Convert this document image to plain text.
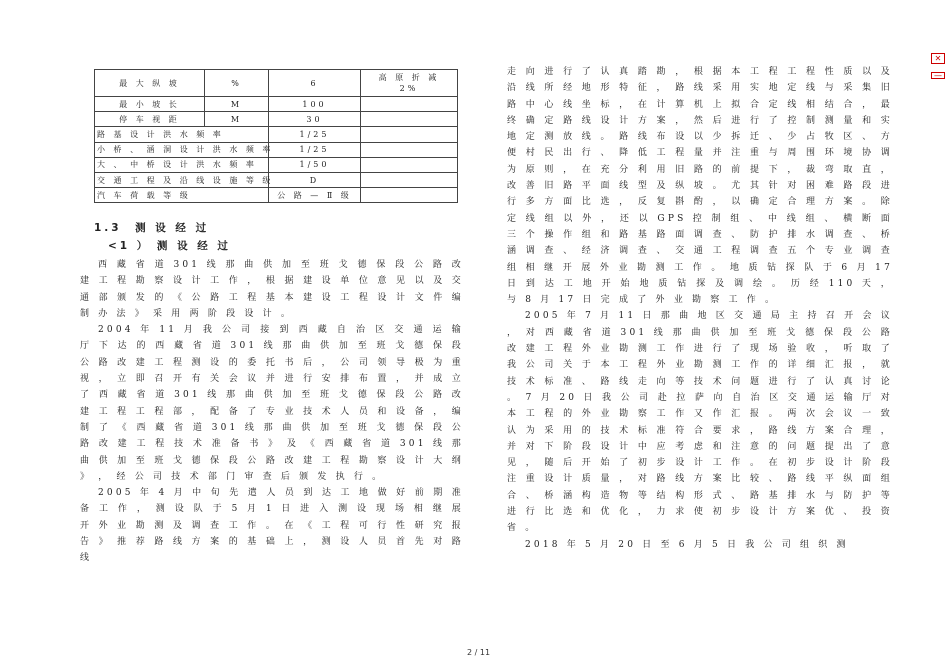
最 大 纵 坡	%	6	高 原 折 减
2%
最 小 坡 长	M	100	
停 车 视 距	M	30	
路 基 设 计 洪 水 频 率		1/25	
小 桥 、 涵 洞 设 计 洪 水 频 率		1/25	
大 、 中 桥 设 计 洪 水 频 率		1/50	
交 通 工 程 及 沿 线 设 施 等 级		D	
汽 车 荷 载 等 级		公 路 — Ⅱ 级	
1.3　测 设 经 过
<1 ） 测 设 经 过

西 藏 省 道 301 线 那 曲 供 加 至 班 戈 德 保 段 公 路 改 建 工 程 勘 察 设 计 工 作 ， 根 据 建 设 单 位 意 见 以 及 交 通 部 颁 发 的 《 公 路 工 程 基 本 建 设 工 程 设 计 文 件 编 制 办 法 》 采 用 两 阶 段 设 计 。

2004 年 11 月 我 公 司 接 到 西 藏 自 治 区 交 通 运 输 厅 下 达 的 西 藏 省 道 301 线 那 曲 供 加 至 班 戈 德 保 段 公 路 改 建 工 程 测 设 的 委 托 书 后 ， 公 司 领 导 极 为 重 视 ， 立 即 召 开 有 关 会 议 并 进 行 安 排 布 置 ， 并 成 立 了 西 藏 省 道 301 线 那 曲 供 加 至 班 戈 德 保 段 公 路 改 建 工 程 工 程 部 ， 配 备 了 专 业 技 术 人 员 和 设 备 ， 编 制 了 《 西 藏 省 道 301 线 那 曲 供 加 至 班 戈 德 保 段 公 路 改 建 工 程 技 术 准 备 书 》 及 《 西 藏 省 道 301 线 那 曲 供 加 至 班 戈 德 保 段 公 路 改 建 工 程 勘 察 设 计 大 纲 》 ， 经 公 司 技 术 部 门 审 查 后 颁 发 执 行 。

2005 年 4 月 中 旬 先 遣 人 员 到 达 工 地 做 好 前 期 准 备 工 作 ， 测 设 队 于 5 月 1 日 进 入 测 设 现 场 相 继 展 开 外 业 勘 测 及 调 查 工 作 。 在 《 工 程 可 行 性 研 究 报 告 》 推 荐 路 线 方 案 的 基 础 上 ， 测 设 人 员 首 先 对 路 线

走 向 进 行 了 认 真 踏 勘 ， 根 据 本 工 程 工 程 性 质 以 及 沿 线 所 经 地 形 特 征 ， 路 线 采 用 实 地 定 线 与 采 集 旧 路 中 心 线 坐 标 ， 在 计 算 机 上 拟 合 定 线 相 结 合 ， 最 终 确 定 路 线 设 计 方 案 ， 然 后 进 行 了 控 制 测 量 和 实 地 定 测 放 线 。 路 线 布 设 以 少 拆 迁 、 少 占 牧 区 、 方 便 村 民 出 行 、 降 低 工 程 量 并 注 重 与 周 围 环 境 协 调 为 原 则 ， 在 充 分 利 用 旧 路 的 前 提 下 ， 裁 弯 取 直 ， 改 善 旧 路 平 面 线 型 及 纵 坡 。 尤 其 针 对 困 难 路 段 进 行 多 方 面 比 选 ， 反 复 斟 酌 ， 以 确 定 合 理 方 案 。 除 定 线 组 以 外 ， 还 以 GPS 控 制 组 、 中 线 组 、 横 断 面 三 个 操 作 组 和 路 基 路 面 调 查 、 防 护 排 水 调 查 、 桥 涵 调 查 、 经 济 调 查 、 交 通 工 程 调 查 五 个 专 业 调 查 组 相 继 开 展 外 业 勘 测 工 作 。 地 质 钻 探 队 于 6 月 17 日 到 达 工 地 开 始 地 质 钻 探 及 调 绘 。 历 经 110 天 ， 与 8 月 17 日 完 成 了 外 业 勘 察 工 作 。

2005 年 7 月 11 日 那 曲 地 区 交 通 局 主 持 召 开 会 议 ， 对 西 藏 省 道 301 线 那 曲 供 加 至 班 戈 德 保 段 公 路 改 建 工 程 外 业 勘 测 工 作 进 行 了 现 场 验 收 ， 听 取 了 我 公 司 关 于 本 工 程 外 业 勘 测 工 作 的 详 细 汇 报 ， 就 技 术 标 准 、 路 线 走 向 等 技 术 问 题 进 行 了 认 真 讨 论 。 7 月 20 日 我 公 司 赴 拉 萨 向 自 治 区 交 通 运 输 厅 对 本 工 程 的 外 业 勘 察 工 作 又 作 汇 报 。 两 次 会 议 一 致 认 为 采 用 的 技 术 标 准 符 合 要 求 ， 路 线 方 案 合 理 ， 并 对 下 阶 段 设 计 中 应 考 虑 和 注 意 的 问 题 提 出 了 意 见 ， 随 后 开 始 了 初 步 设 计 工 作 。 在 初 步 设 计 阶 段 注 重 设 计 质 量 ， 对 路 线 方 案 比 较 、 路 线 平 纵 面 组 合 、 桥 涵 构 造 物 等 结 构 形 式 、 路 基 排 水 与 防 护 等 进 行 比 选 和 优 化 ， 力 求 使 初 步 设 计 方 案 优 、 投 资 省 。

2018 年 5 月 20 日 至 6 月 5 日 我 公 司 组 织 测

2 / 11
✕
—
